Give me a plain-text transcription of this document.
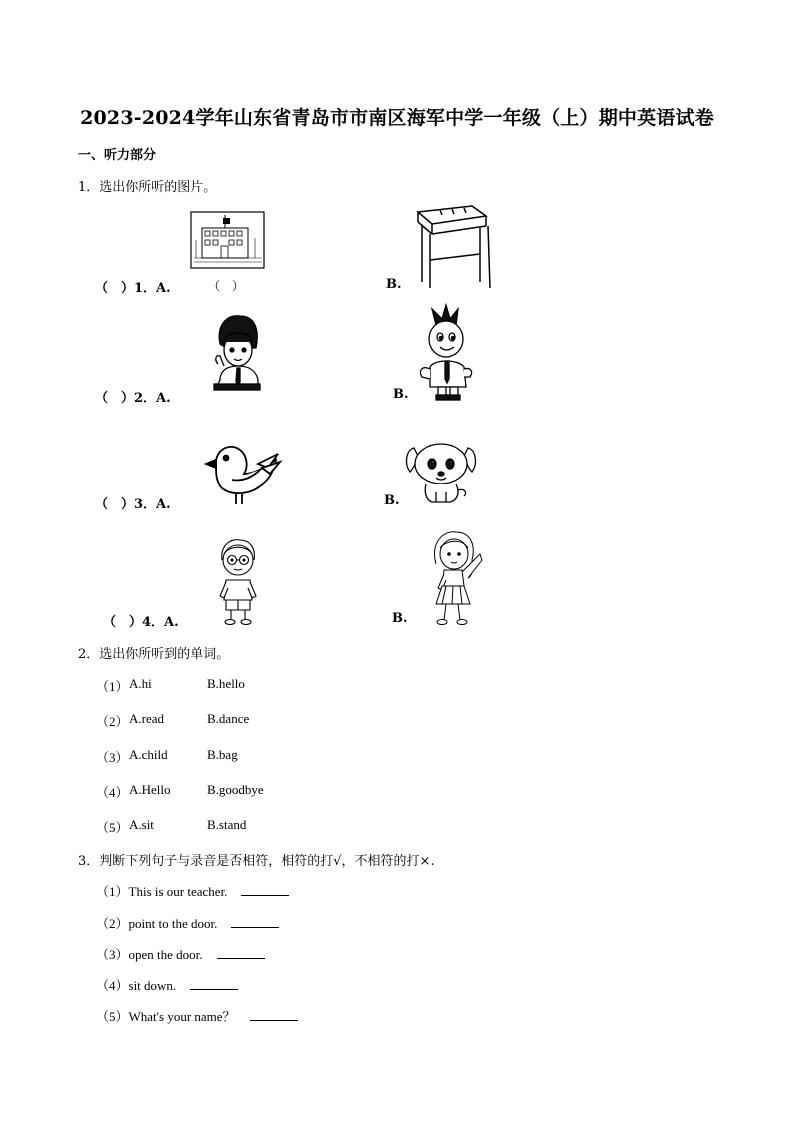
2023-2024学年山东省青岛市市南区海军中学一年级（上）期中英语试卷
一、听力部分
1．选出你所听的图片。
（　）1．A.	（　）	B.
（　）2．A.	B.
（　）3．A.	B.
（　）4．A.	B.
2．选出你所听到的单词。
（1） A.hi	B.hello
（2） A.read	B.dance
（3） A.child	B.bag
（4） A.Hello	B.goodbye
（5） A.sit	B.stand
3．判断下列句子与录音是否相符，相符的打√，不相符的打×.
（1）This is our teacher.
（2）point to the door.
（3）open the door.
（4）sit down.
（5）What's your name？
